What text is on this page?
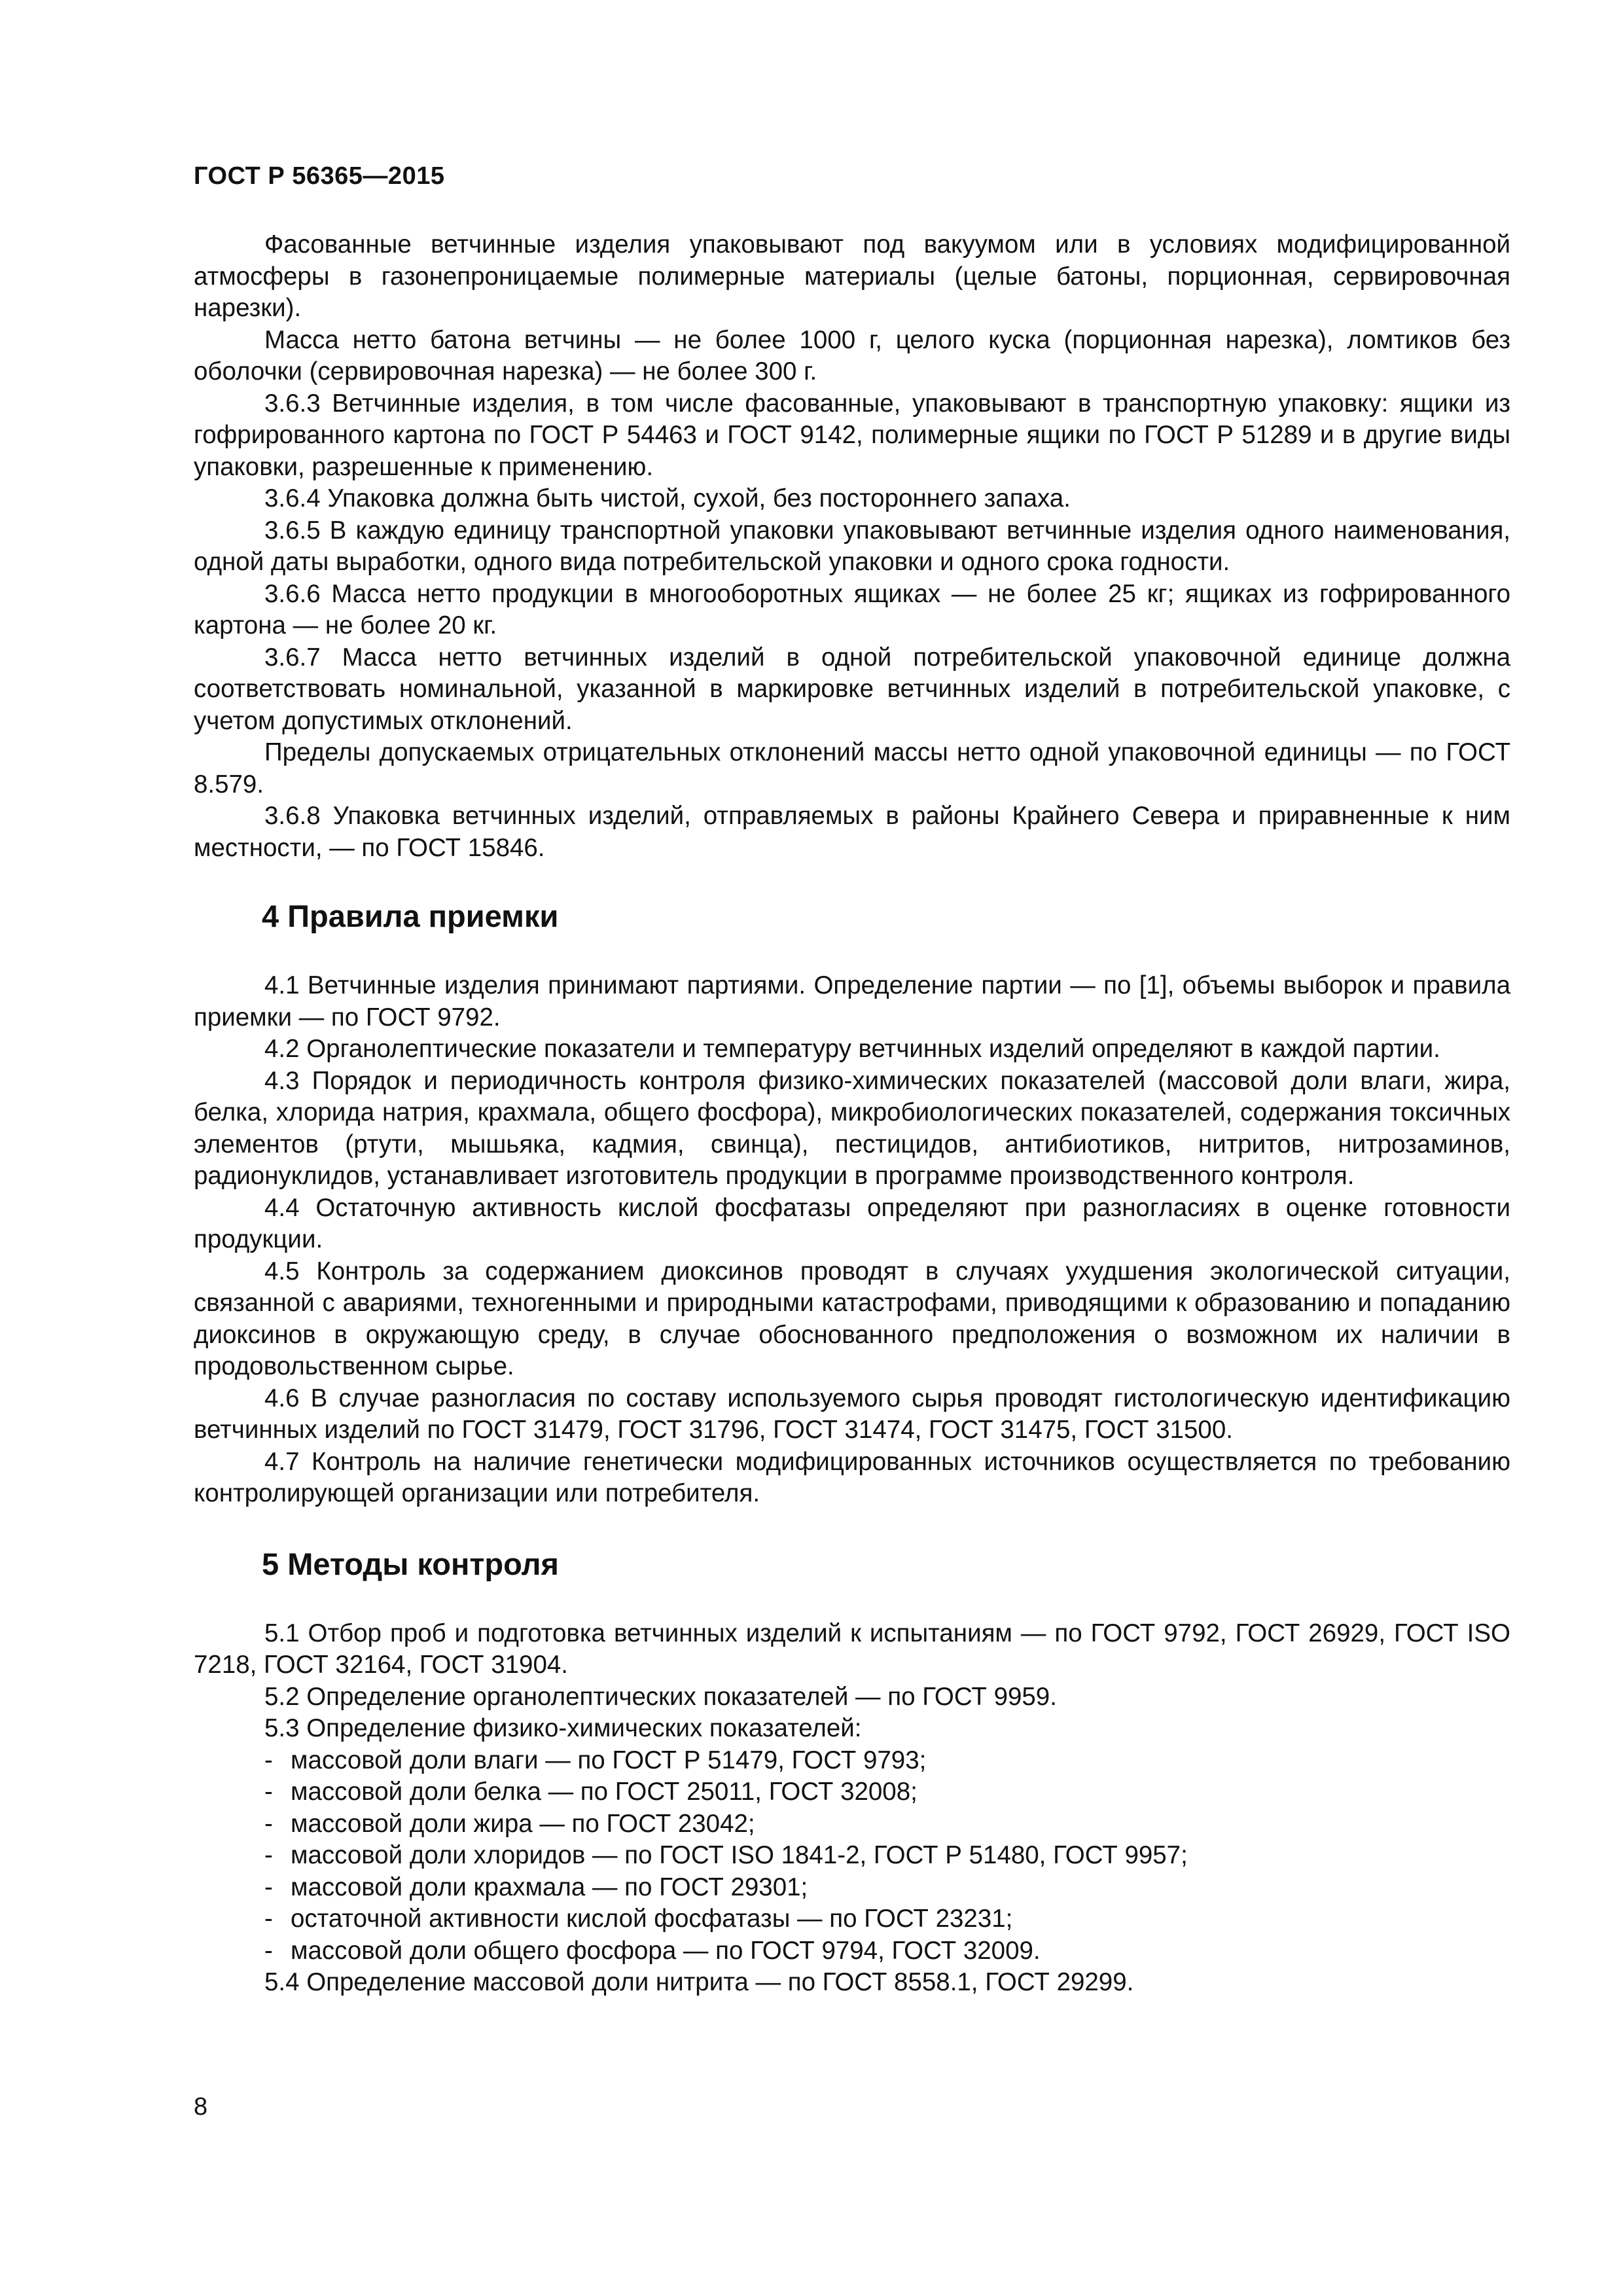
ГОСТ Р 56365—2015

Фасованные ветчинные изделия упаковывают под вакуумом или в условиях модифицированной атмосферы в газонепроницаемые полимерные материалы (целые батоны, порционная, сервировочная нарезки).

Масса нетто батона ветчины — не более 1000 г, целого куска (порционная нарезка), ломтиков без оболочки (сервировочная нарезка) — не более 300 г.

3.6.3 Ветчинные изделия, в том числе фасованные, упаковывают в транспортную упаковку: ящики из гофрированного картона по ГОСТ Р 54463 и ГОСТ 9142, полимерные ящики по ГОСТ Р 51289 и в другие виды упаковки, разрешенные к применению.

3.6.4 Упаковка должна быть чистой, сухой, без постороннего запаха.

3.6.5 В каждую единицу транспортной упаковки упаковывают ветчинные изделия одного наименования, одной даты выработки, одного вида потребительской упаковки и одного срока годности.

3.6.6 Масса нетто продукции в многооборотных ящиках — не более 25 кг; ящиках из гофрированного картона — не более 20 кг.

3.6.7 Масса нетто ветчинных изделий в одной потребительской упаковочной единице должна соответствовать номинальной, указанной в маркировке ветчинных изделий в потребительской упаковке, с учетом допустимых отклонений.

Пределы допускаемых отрицательных отклонений массы нетто одной упаковочной единицы — по ГОСТ 8.579.

3.6.8 Упаковка ветчинных изделий, отправляемых в районы Крайнего Севера и приравненные к ним местности, — по ГОСТ 15846.

4 Правила приемки

4.1 Ветчинные изделия принимают партиями. Определение партии — по [1], объемы выборок и правила приемки — по ГОСТ 9792.

4.2 Органолептические показатели и температуру ветчинных изделий определяют в каждой партии.

4.3 Порядок и периодичность контроля физико-химических показателей (массовой доли влаги, жира, белка, хлорида натрия, крахмала, общего фосфора), микробиологических показателей, содержания токсичных элементов (ртути, мышьяка, кадмия, свинца), пестицидов, антибиотиков, нитритов, нитрозаминов, радионуклидов, устанавливает изготовитель продукции в программе производственного контроля.

4.4 Остаточную активность кислой фосфатазы определяют при разногласиях в оценке готовности продукции.

4.5 Контроль за содержанием диоксинов проводят в случаях ухудшения экологической ситуации, связанной с авариями, техногенными и природными катастрофами, приводящими к образованию и попаданию диоксинов в окружающую среду, в случае обоснованного предположения о возможном их наличии в продовольственном сырье.

4.6 В случае разногласия по составу используемого сырья проводят гистологическую идентификацию ветчинных изделий по ГОСТ 31479, ГОСТ 31796, ГОСТ 31474, ГОСТ 31475, ГОСТ 31500.

4.7 Контроль на наличие генетически модифицированных источников осуществляется по требованию контролирующей организации или потребителя.

5 Методы контроля

5.1 Отбор проб и подготовка ветчинных изделий к испытаниям — по ГОСТ 9792, ГОСТ 26929, ГОСТ ISO 7218, ГОСТ 32164, ГОСТ 31904.

5.2 Определение органолептических показателей — по ГОСТ 9959.

5.3 Определение физико-химических показателей:

- массовой доли влаги — по ГОСТ Р 51479, ГОСТ 9793;
- массовой доли белка — по ГОСТ 25011, ГОСТ 32008;
- массовой доли жира — по ГОСТ 23042;
- массовой доли хлоридов — по ГОСТ ISO 1841-2, ГОСТ Р 51480, ГОСТ 9957;
- массовой доли крахмала — по ГОСТ 29301;
- остаточной активности кислой фосфатазы — по ГОСТ 23231;
- массовой доли общего фосфора — по ГОСТ 9794, ГОСТ 32009.

5.4 Определение массовой доли нитрита — по ГОСТ 8558.1, ГОСТ 29299.

8
